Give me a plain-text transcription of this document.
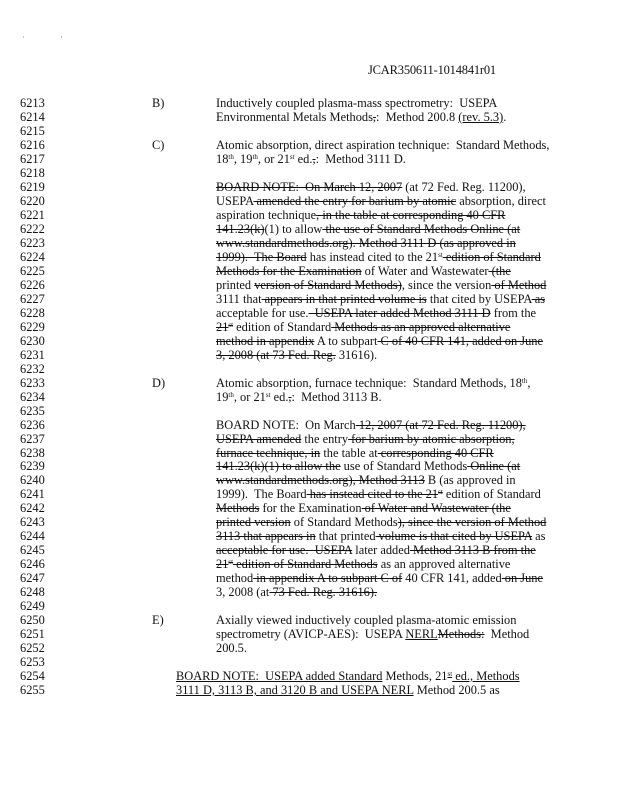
·	·
JCAR350611-1014841r01
6213	B)	Inductively coupled plasma-mass spectrometry:  USEPA
6214	Environmental Metals Methods,:  Method 200.8 (rev. 5.3).
6215
6216	C)	Atomic absorption, direct aspiration technique:  Standard Methods,
6217	18th, 19th, or 21st ed.,:  Method 3111 D.
6218
6219	BOARD NOTE:  On March 12, 2007 (at 72 Fed. Reg. 11200),
6220	USEPA amended the entry for barium by atomic absorption, direct
6221	aspiration technique, in the table at corresponding 40 CFR
6222	141.23(k)(1) to allow the use of Standard Methods Online (at
6223	www.standardmethods.org). Method 3111 D (as approved in
6224	1999).  The Board has instead cited to the 21st edition of Standard
6225	Methods for the Examination of Water and Wastewater (the
6226	printed version of Standard Methods), since the version of Method
6227	3111 that appears in that printed volume is that cited by USEPA as
6228	acceptable for use.  USEPA later added Method 3111 D from the
6229	21st edition of Standard Methods as an approved alternative
6230	method in appendix A to subpart C of 40 CFR 141, added on June
6231	3, 2008 (at 73 Fed. Reg. 31616).
6232
6233	D)	Atomic absorption, furnace technique:  Standard Methods, 18th,
6234	19th, or 21st ed.,:  Method 3113 B.
6235
6236	BOARD NOTE:  On March 12, 2007 (at 72 Fed. Reg. 11200),
6237	USEPA amended the entry for barium by atomic absorption,
6238	furnace technique, in the table at corresponding 40 CFR
6239	141.23(k)(1) to allow the use of Standard Methods Online (at
6240	www.standardmethods.org), Method 3113 B (as approved in
6241	1999).  The Board has instead cited to the 21st edition of Standard
6242	Methods for the Examination of Water and Wastewater (the
6243	printed version of Standard Methods), since the version of Method
6244	3113 that appears in that printed volume is that cited by USEPA as
6245	acceptable for use.  USEPA later added Method 3113 B from the
6246	21st edition of Standard Methods as an approved alternative
6247	method in appendix A to subpart C of 40 CFR 141, added on June
6248	3, 2008 (at 73 Fed. Reg. 31616).
6249
6250	E)	Axially viewed inductively coupled plasma-atomic emission
6251	spectrometry (AVICP-AES):  USEPA NERLMethods:  Method
6252	200.5.
6253
6254	BOARD NOTE:  USEPA added Standard Methods, 21st ed., Methods
6255	3111 D, 3113 B, and 3120 B and USEPA NERL Method 200.5 as
